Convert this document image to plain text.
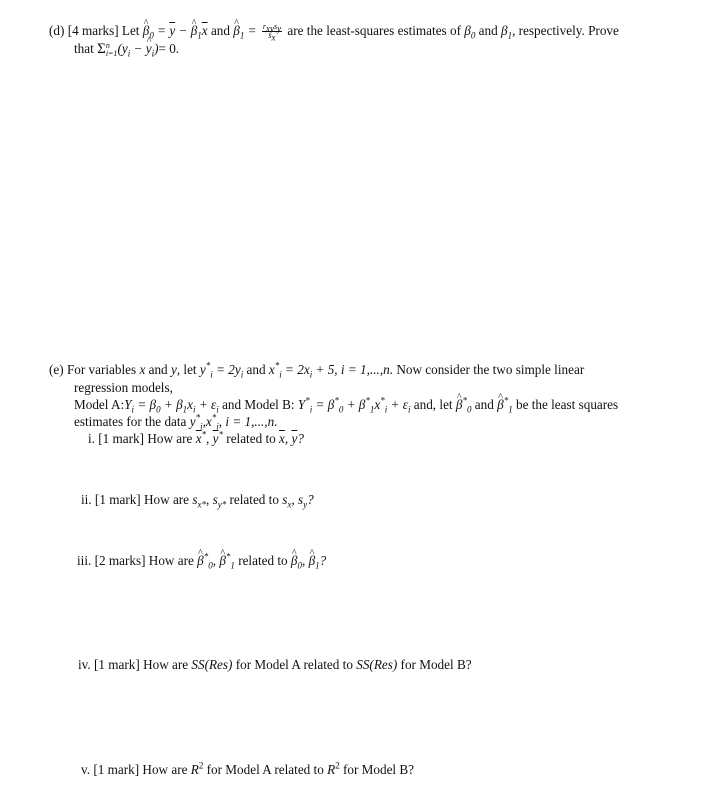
(d) [4 marks] Let ^ $\beta_0 = \overline{y}$ − ^ $\beta_1\overline{x}$ and ^ $\beta_1 = \frac{r_{xy}s_y}{s_x}$ are the least-squares estimates of $\beta_0$ and $\beta_1$, respectively. Prove
that Σ n
i=1 ($y_i$ − ^ $y_i)= 0$.
(e) For variables x and y, let $y^*_i = 2y_i$ and $x^*_i = 2x_i + 5$, i = 1,...,n. Now consider the two simple linear
regression models,
Model $A:Y_i = \beta_0 + \beta_1x_i + \varepsilon_i$ and Model B: $Y^*_i = \beta^*_0 + \beta^*_1x^*_i + \varepsilon_i$ and, let ^ $\beta^*_0$ and ^ $\beta^*_1$ be the least squares
estimates for the data $y^*_i,x^*_i$, i = 1,...,n.
i. [1 mark] How are $\overline{x}^*$, $\overline{y}^*$ related to $\overline{x}$, $\overline{y}$?
ii. [1 mark] How are $s_{x*}$, $s_{y*}$ related to $s_x$, $s_y$?
iii. [2 marks] How are ^ $\beta^*_0$, ^ $\beta^*_1$ related to ^ $\beta_0$, ^ $\beta_1$?
iv. [1 mark] How are SS(Res) for Model A related to SS(Res) for Model B?
v. [1 mark] How are $R^2$ for Model A related to $R^2$ for Model B?
